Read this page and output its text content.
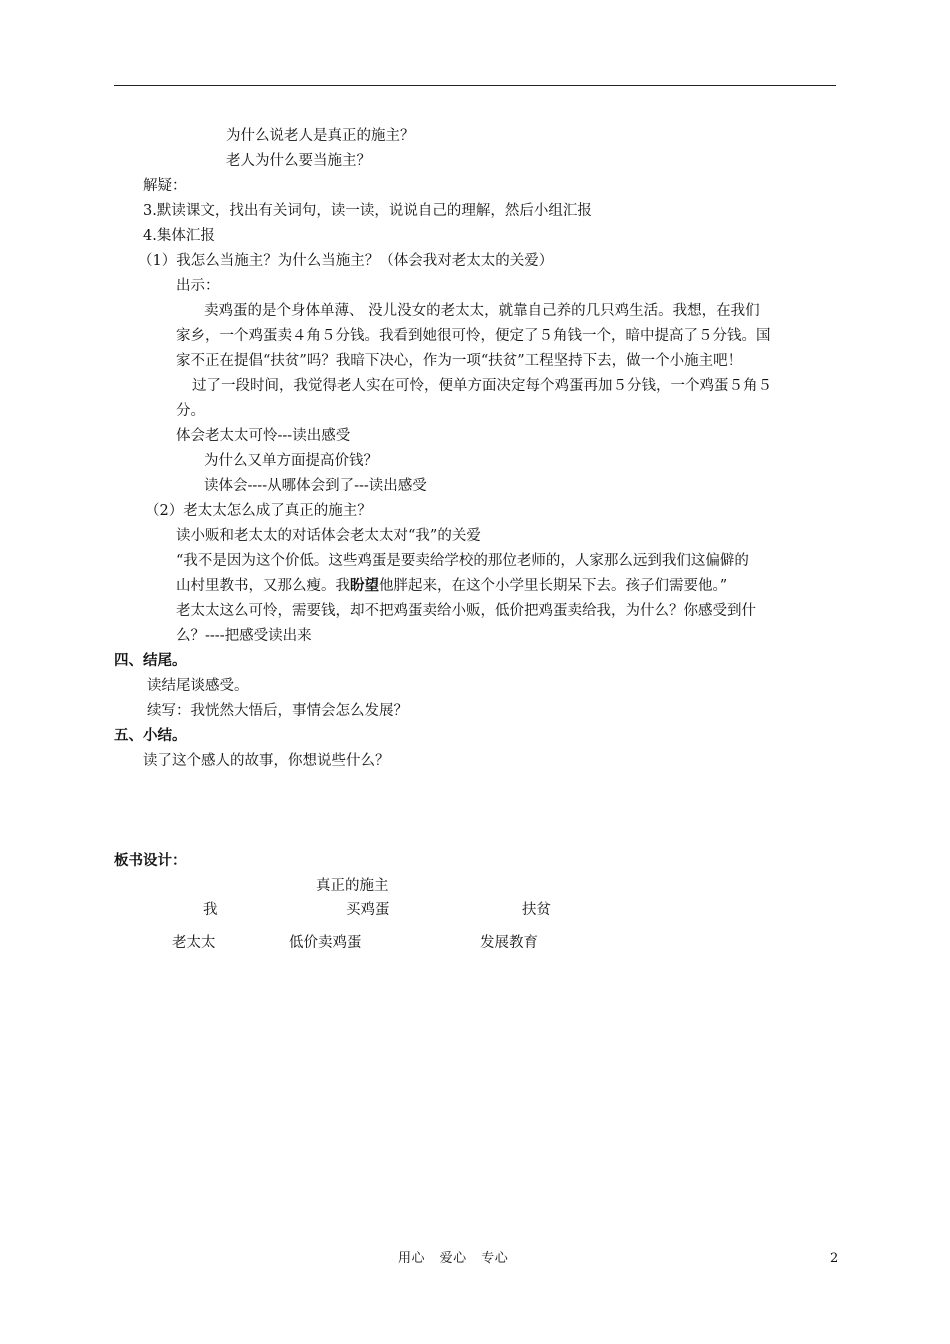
为什么说老人是真正的施主？
老人为什么要当施主？
解疑：
3.默读课文，找出有关词句，读一读，说说自己的理解，然后小组汇报
4.集体汇报
（1）我怎么当施主？为什么当施主？（体会我对老太太的关爱）
出示：
卖鸡蛋的是个身体单薄、 没儿没女的老太太，就靠自己养的几只鸡生活。我想，在我们
家乡，一个鸡蛋卖４角５分钱。我看到她很可怜，便定了５角钱一个，暗中提高了５分钱。国
家不正在提倡“扶贫”吗？我暗下决心，作为一项“扶贫”工程坚持下去，做一个小施主吧！
过了一段时间，我觉得老人实在可怜，便单方面决定每个鸡蛋再加５分钱，一个鸡蛋５角５
分。
体会老太太可怜---读出感受
为什么又单方面提高价钱？
读体会----从哪体会到了---读出感受
（2）老太太怎么成了真正的施主？
读小贩和老太太的对话体会老太太对“我”的关爱
“我不是因为这个价低。这些鸡蛋是要卖给学校的那位老师的，人家那么远到我们这偏僻的
山村里教书，又那么瘦。我盼望他胖起来，在这个小学里长期呆下去。孩子们需要他。”
老太太这么可怜，需要钱，却不把鸡蛋卖给小贩，低价把鸡蛋卖给我，为什么？你感受到什
么？----把感受读出来
四、结尾。
读结尾谈感受。
续写：我恍然大悟后，事情会怎么发展？
五、小结。
读了这个感人的故事，你想说些什么？
板书设计：
真正的施主
我	买鸡蛋	扶贫
老太太	低价卖鸡蛋	发展教育
用心 爱心 专心	2
